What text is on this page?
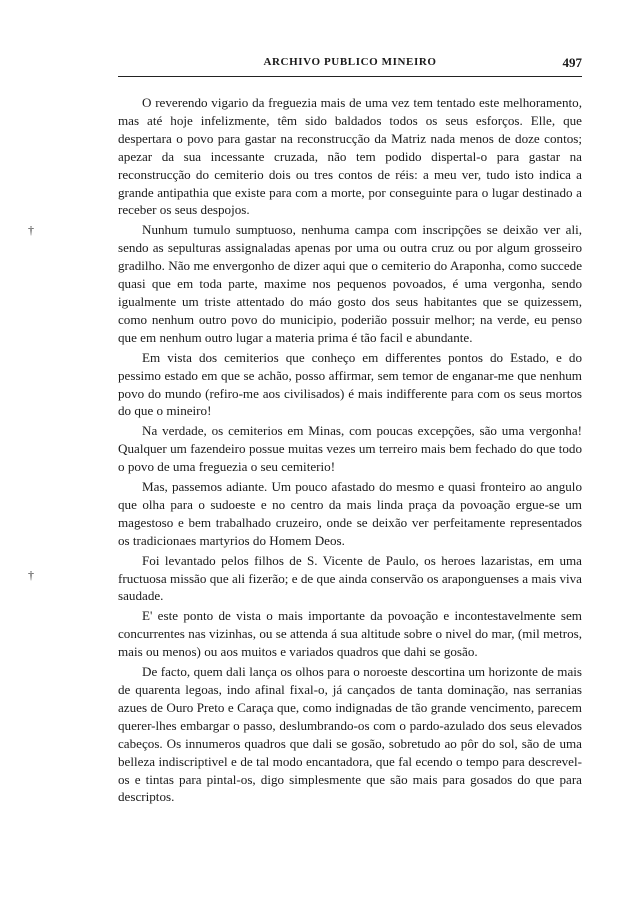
ARCHIVO PUBLICO MINEIRO	497
†
†

O reverendo vigario da freguezia mais de uma vez tem tentado este melhoramento, mas até hoje infelizmente, têm sido baldados todos os seus esforços. Elle, que despertara o povo para gastar na reconstrucção da Matriz nada menos de doze contos; apezar da sua incessante cruzada, não tem podido dispertal-o para gastar na reconstrucção do cemiterio dois ou tres contos de réis: a meu ver, tudo isto indica a grande antipathia que existe para com a morte, por conseguinte para o lugar destinado a receber os seus despojos.

Nunhum tumulo sumptuoso, nenhuma campa com inscripções se deixão ver ali, sendo as sepulturas assignaladas apenas por uma ou outra cruz ou por algum grosseiro gradilho. Não me envergonho de dizer aqui que o cemiterio do Araponha, como succede quasi que em toda parte, maxime nos pequenos povoados, é uma vergonha, sendo igualmente um triste attentado do máo gosto dos seus habitantes que se quizessem, como nenhum outro povo do municipio, poderião possuir melhor; na verde, eu penso que em nenhum outro lugar a materia prima é tão facil e abundante.

Em vista dos cemiterios que conheço em differentes pontos do Estado, e do pessimo estado em que se achão, posso affirmar, sem temor de enganar-me que nenhum povo do mundo (refiro-me aos civilisados) é mais indifferente para com os seus mortos do que o mineiro!

Na verdade, os cemiterios em Minas, com poucas excepções, são uma vergonha! Qualquer um fazendeiro possue muitas vezes um terreiro mais bem fechado do que todo o povo de uma freguezia o seu cemiterio!

Mas, passemos adiante. Um pouco afastado do mesmo e quasi fronteiro ao angulo que olha para o sudoeste e no centro da mais linda praça da povoação ergue-se um magestoso e bem trabalhado cruzeiro, onde se deixão ver perfeitamente representados os tradicionaes martyrios do Homem Deos.

Foi levantado pelos filhos de S. Vicente de Paulo, os heroes lazaristas, em uma fructuosa missão que ali fizerão; e de que ainda conservão os araponguenses a mais viva saudade.

E' este ponto de vista o mais importante da povoação e incontestavelmente sem concurrentes nas vizinhas, ou se attenda á sua altitude sobre o nivel do mar, (mil metros, mais ou menos) ou aos muitos e variados quadros que dahi se gosão.

De facto, quem dali lança os olhos para o noroeste descortina um horizonte de mais de quarenta legoas, indo afinal fixal-o, já cançados de tanta dominação, nas serranias azues de Ouro Preto e Caraça que, como indignadas de tão grande vencimento, parecem querer-lhes embargar o passo, deslumbrando-os com o pardo-azulado dos seus elevados cabeços. Os innumeros quadros que dali se gosão, sobretudo ao pôr do sol, são de uma belleza indiscriptivel e de tal modo encantadora, que fal ecendo o tempo para descrevel-os e tintas para pintal-os, digo simplesmente que são mais para gosados do que para descriptos.
